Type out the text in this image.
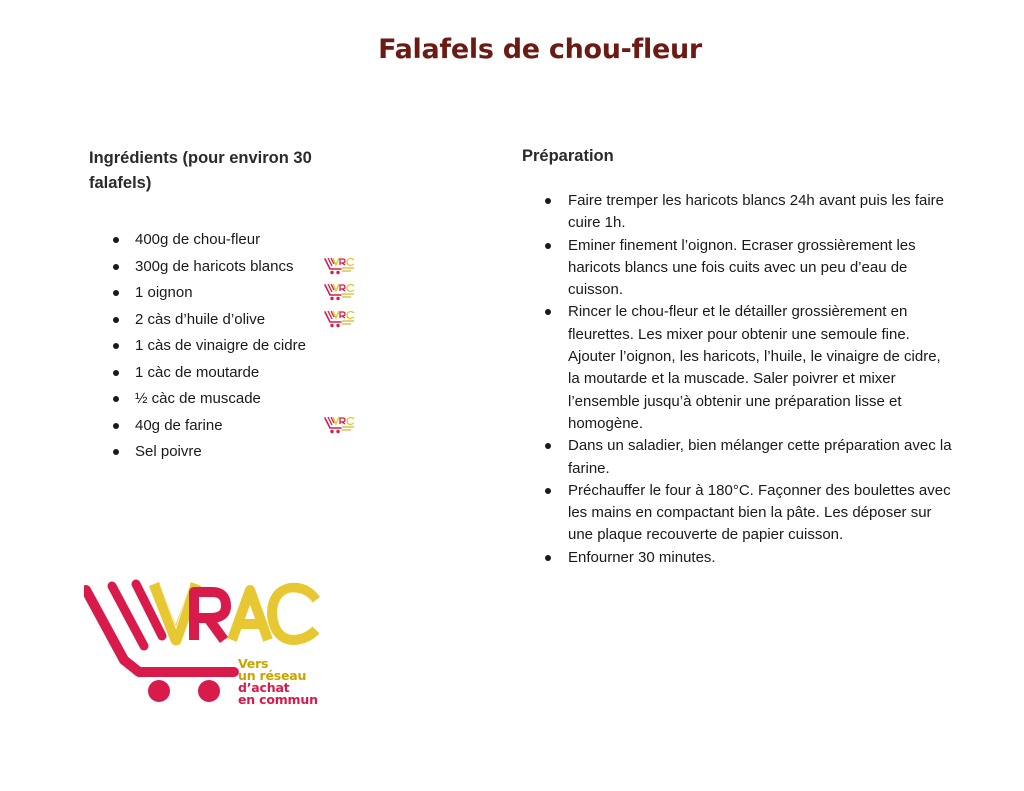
Falafels de chou-fleur
Ingrédients (pour environ 30 falafels)
400g de chou-fleur
300g de haricots blancs
1 oignon
2 càs d’huile d’olive
1 càs de vinaigre de cidre
1 càc de moutarde
½ càc de muscade
40g de farine
Sel poivre
Préparation
Faire tremper les haricots blancs 24h avant puis les faire cuire 1h.
Eminer finement l’oignon. Ecraser grossièrement les haricots blancs une fois cuits avec un peu d’eau de cuisson.
Rincer le chou-fleur et le détailler grossièrement en fleurettes. Les mixer pour obtenir une semoule fine. Ajouter l’oignon, les haricots, l’huile, le vinaigre de cidre, la moutarde et la muscade. Saler poivrer et mixer l’ensemble jusqu’à obtenir une préparation lisse et homogène.
Dans un saladier, bien mélanger cette préparation avec la farine.
Préchauffer le four à 180°C. Façonner des boulettes avec les mains en compactant bien la pâte. Les déposer sur une plaque recouverte de papier cuisson.
Enfourner 30 minutes.
Vers
un réseau
d’achat
en commun
